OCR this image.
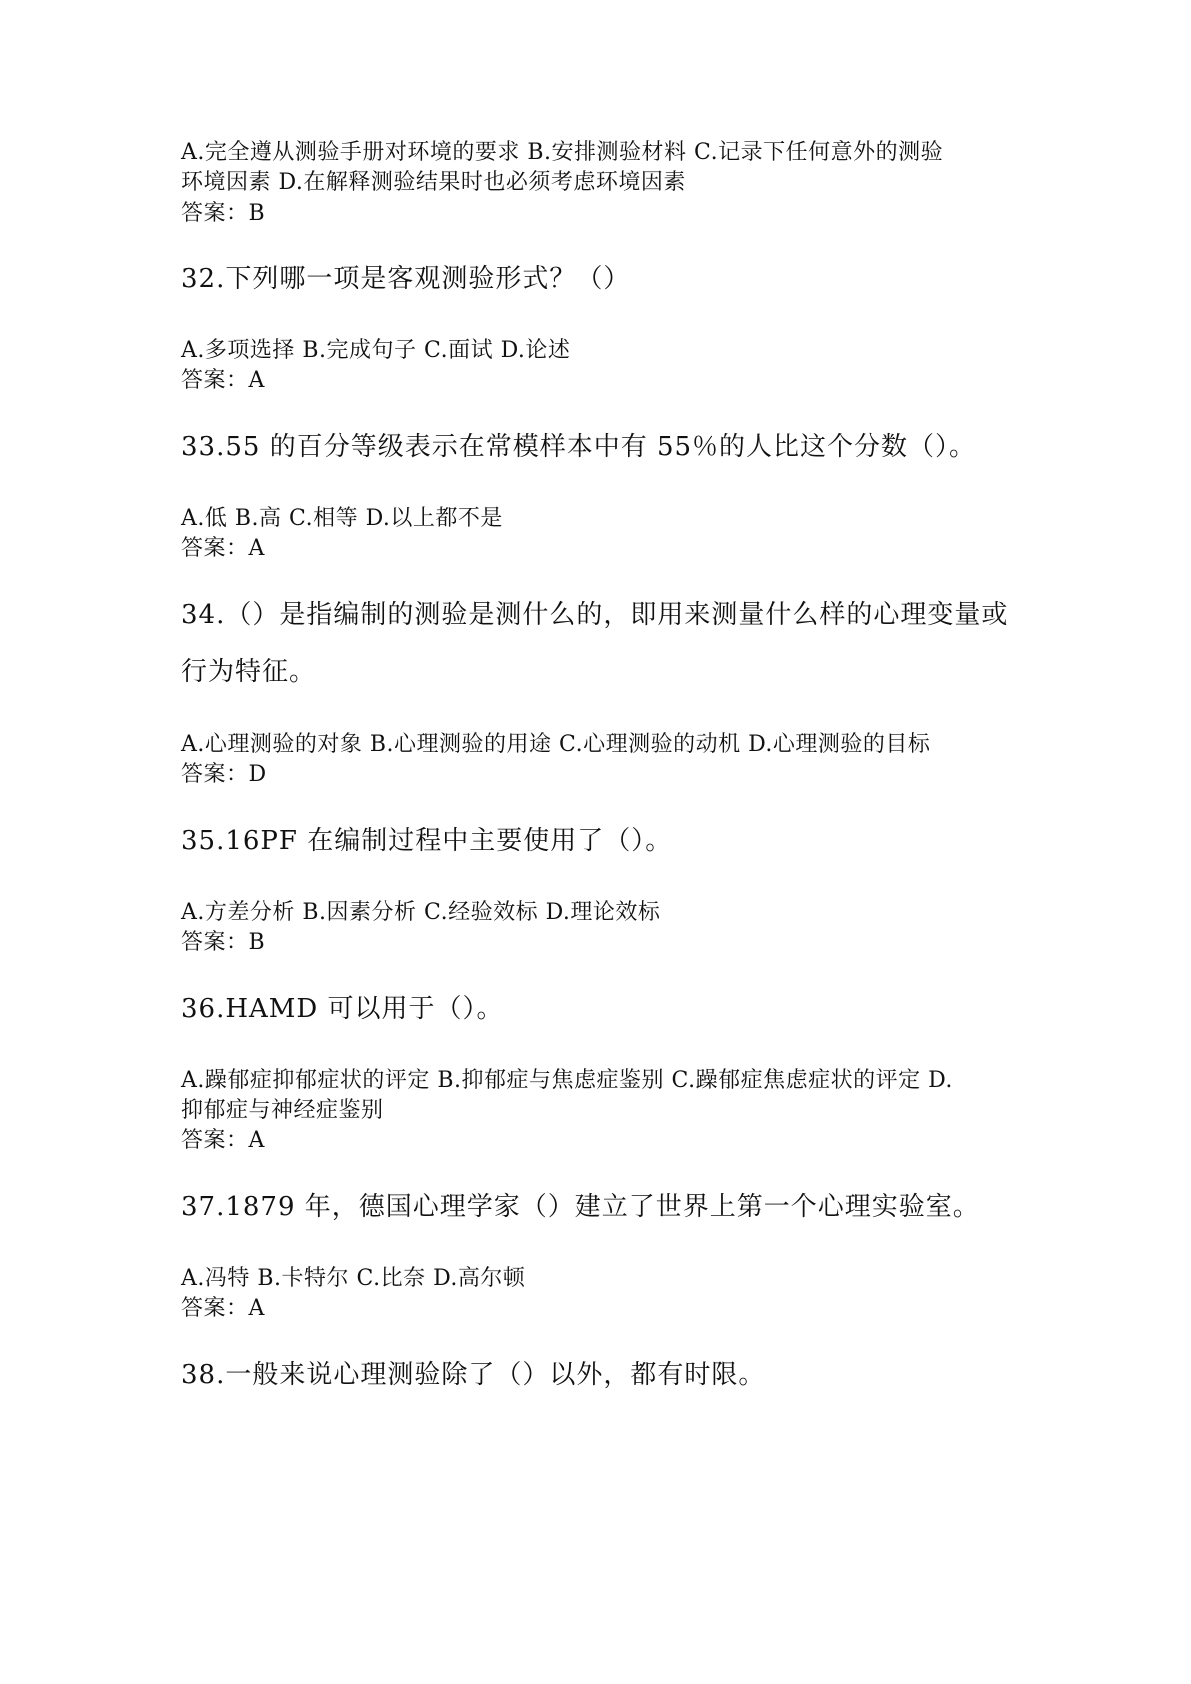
A.完全遵从测验手册对环境的要求 B.安排测验材料 C.记录下任何意外的测验
环境因素 D.在解释测验结果时也必须考虑环境因素
答案：B
32.下列哪一项是客观测验形式？（）
A.多项选择 B.完成句子 C.面试 D.论述
答案：A
33.55 的百分等级表示在常模样本中有 55％的人比这个分数（）。
A.低 B.高 C.相等 D.以上都不是
答案：A
34.（）是指编制的测验是测什么的，即用来测量什么样的心理变量或
行为特征。
A.心理测验的对象 B.心理测验的用途 C.心理测验的动机 D.心理测验的目标
答案：D
35.16PF 在编制过程中主要使用了（）。
A.方差分析 B.因素分析 C.经验效标 D.理论效标
答案：B
36.HAMD 可以用于（）。
A.躁郁症抑郁症状的评定 B.抑郁症与焦虑症鉴别 C.躁郁症焦虑症状的评定 D.
抑郁症与神经症鉴别
答案：A
37.1879 年，德国心理学家（）建立了世界上第一个心理实验室。
A.冯特 B.卡特尔 C.比奈 D.高尔顿
答案：A
38.一般来说心理测验除了（）以外，都有时限。
